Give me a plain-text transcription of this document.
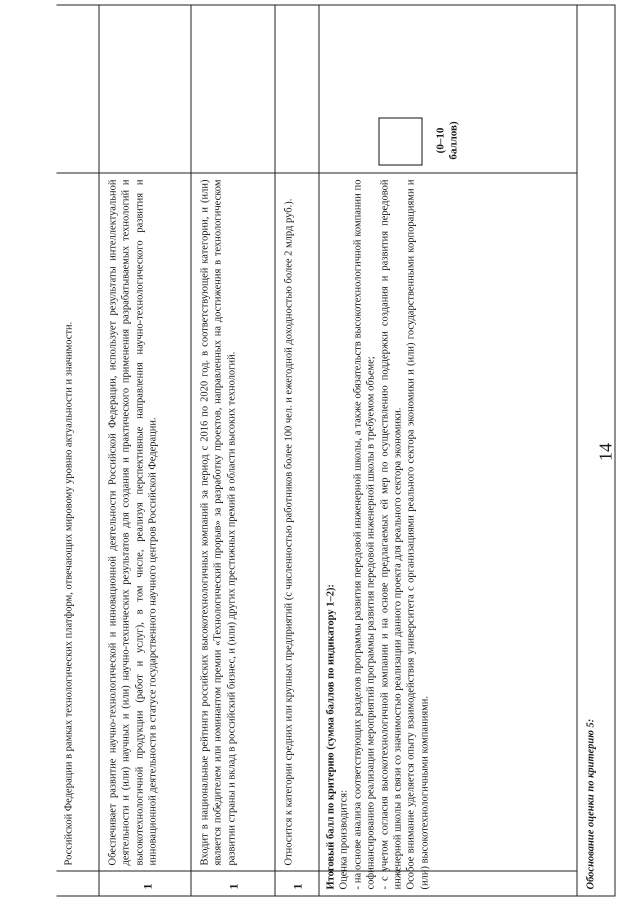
14
Российской Федерации в рамках технологических платформ, отвечающих мировому уровню актуальности и значимости.
1
Обеспечивает развитие научно-технологической и инновационной деятельности Российской Федерации, использует результаты интеллектуальной деятельности и (или) научных и (или) научно-технических результатов для создания и практического применения разрабатываемых технологий и высокотехнологичной продукции (работ и услуг), в том числе, реализуя перспективные направления научно-технологического развития и инновационной деятельности в статусе государственного научного центров Российской Федерации.
1
Входит в национальные рейтинги российских высокотехнологичных компаний за период с 2016 по 2020 год. в соответствующей категории, и (или) является победителем или номинантом премии «Технологический прорыв» за разработку проектов, направленных на достижения в технологическом развитии страны и вклад в российский бизнес, и (или) других престижных премий в области высоких технологий.
1
Относится к категории средних или крупных предприятий (с численностью работников более 100 чел. и ежегодной доходностью более 2 млрд руб.).	Итоговый балл по критерию (сумма баллов по индикатору 1–2): Оценка производится: - на основе анализа соответствующих разделов программы развития передовой инженерной школы, а также обязательств высокотехнологичной компании по софинансированию реализации мероприятий программы развития передовой инженерной школы в требуемом объеме; - с учетом согласия высокотехнологичной компании и на основе предлагаемых ей мер по осуществлению поддержки создания и развития передовой инженерной школы в связи со значимостью реализации данного проекта для реального сектора экономики. Особое внимание уделяется опыту взаимодействия университета с организациями реального сектора экономики и (или) государственными корпорациями и (или) высокотехнологичными компаниями.
(0–10 баллов)
Обоснование оценки по критерию 5:
